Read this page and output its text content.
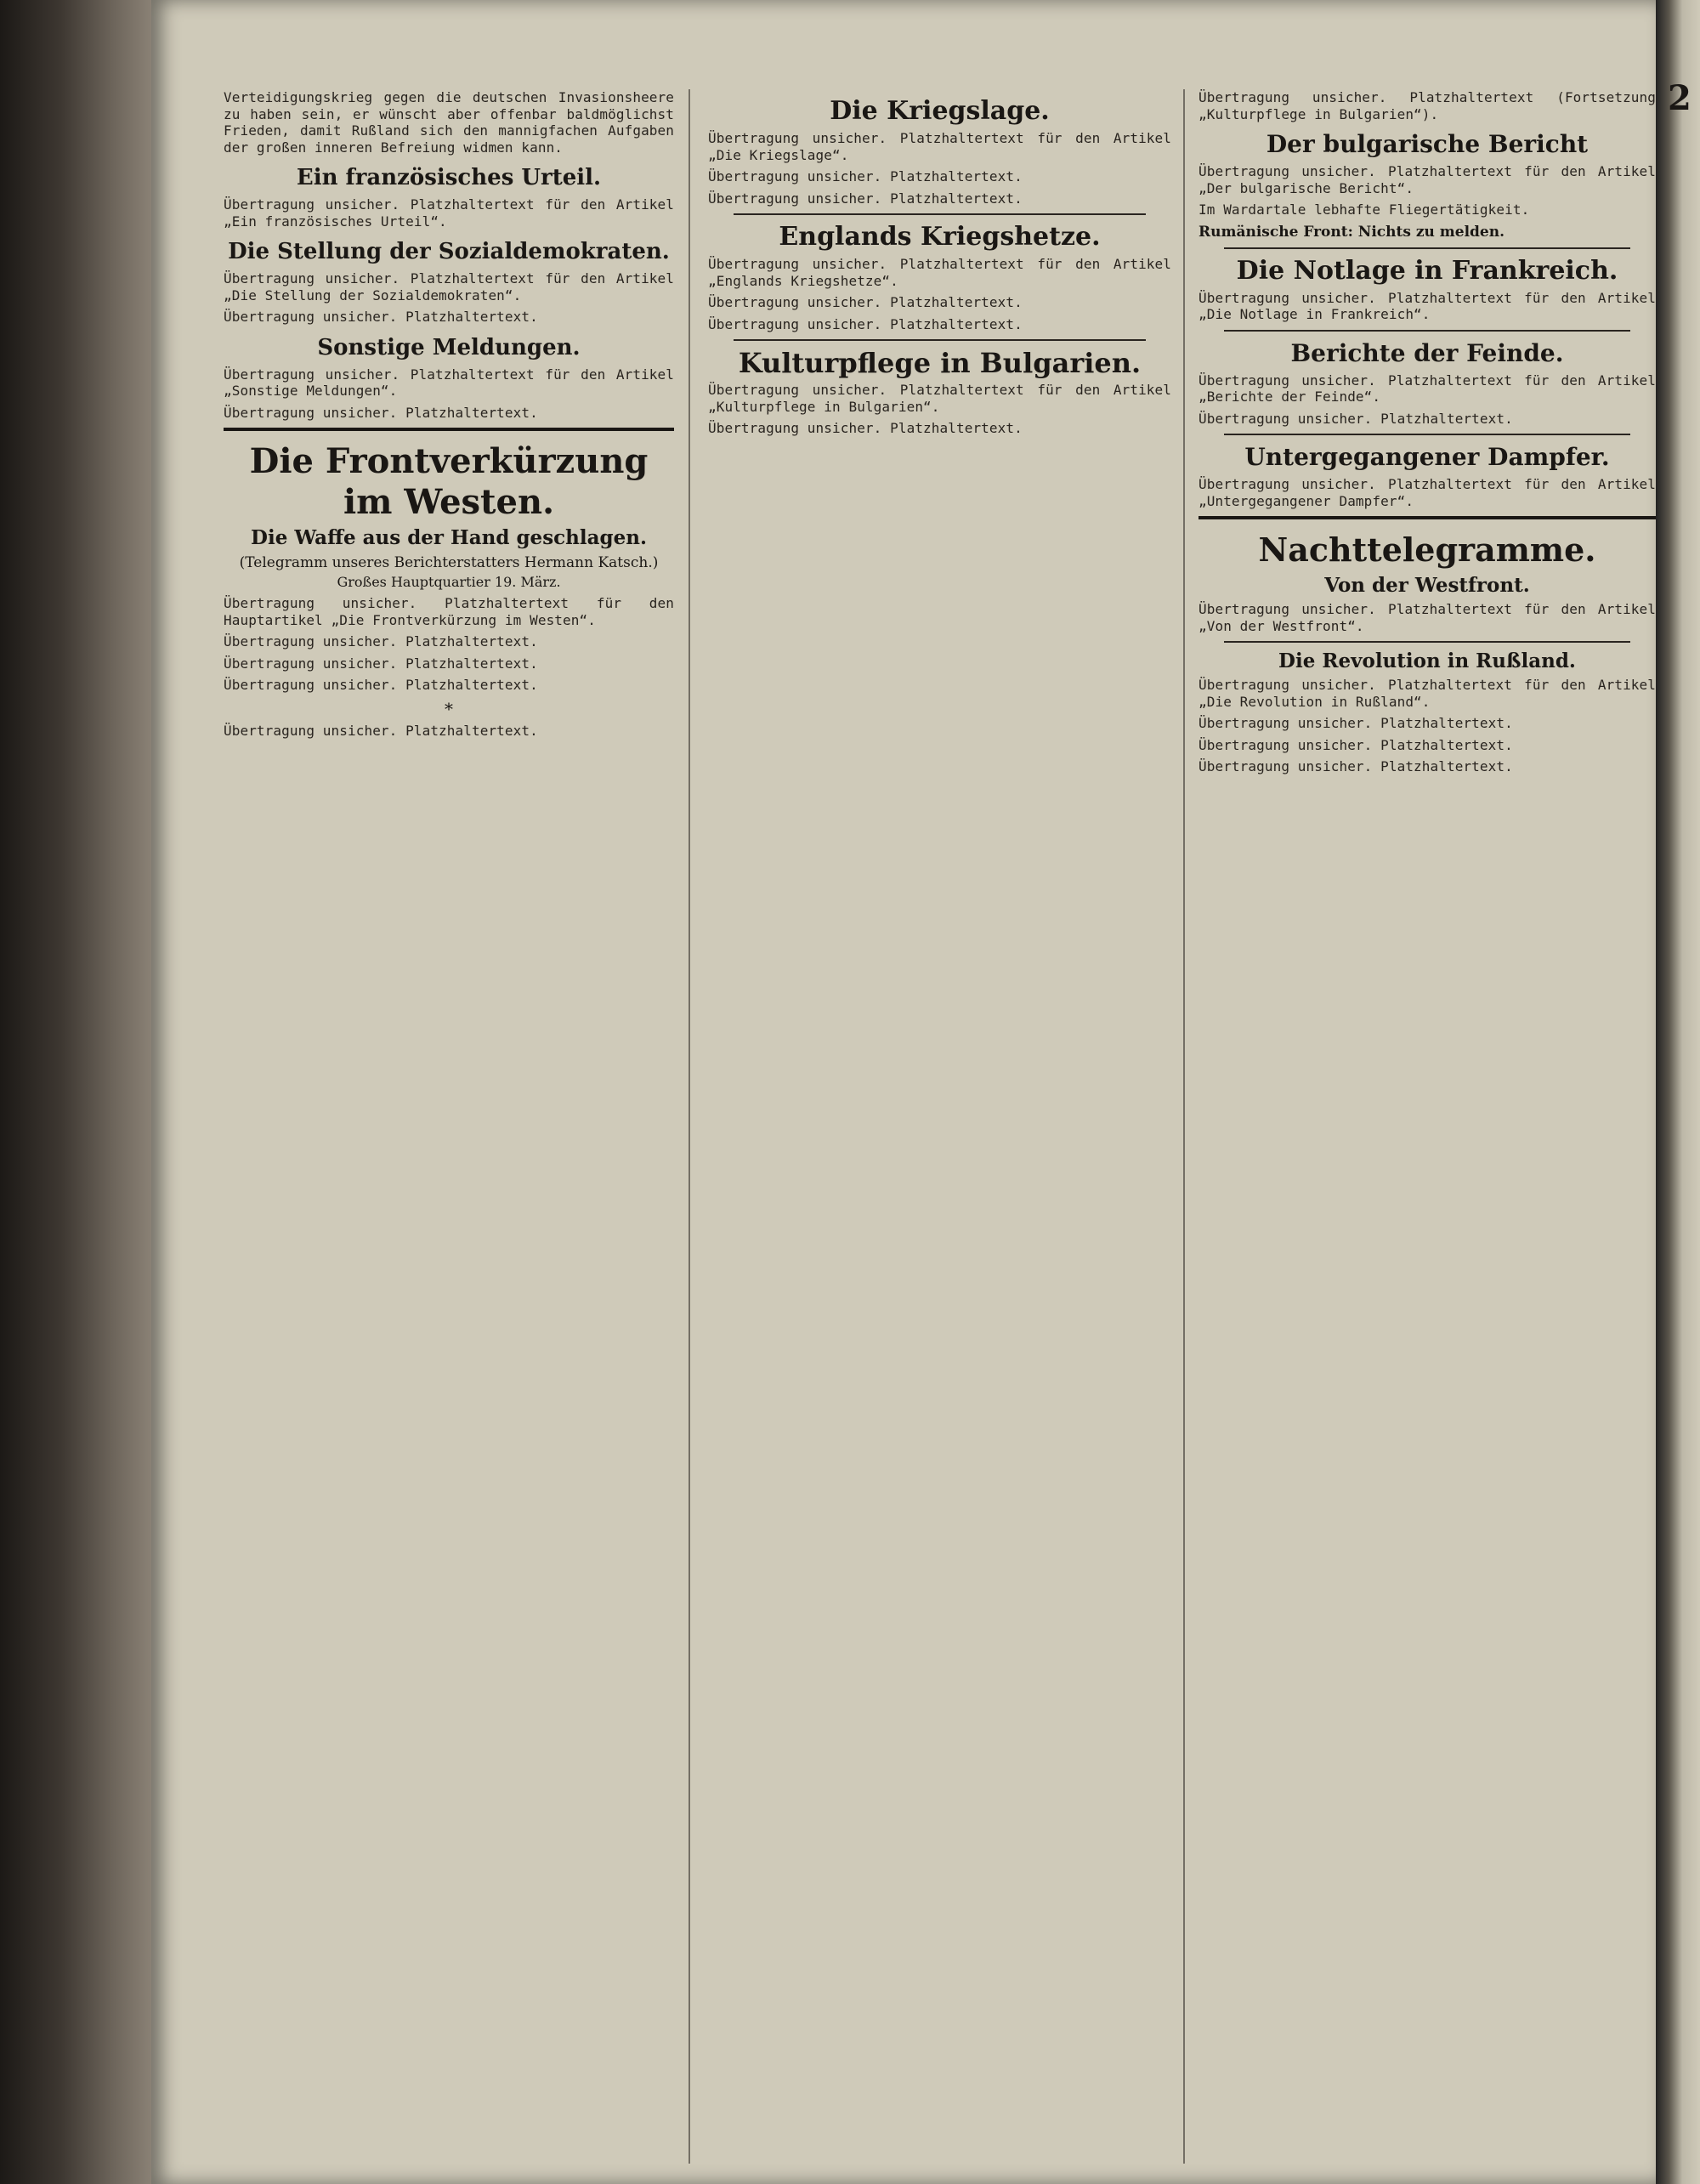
Verteidigungskrieg gegen die deutschen Invasionsheere zu haben sein, er wünscht aber offenbar baldmöglichst Frieden, damit Rußland sich den mannigfachen Aufgaben der großen inneren Befreiung widmen kann.

Ein französisches Urteil.

Übertragung unsicher. Platzhaltertext für den Artikel „Ein französisches Urteil“.

Die Stellung der Sozialdemokraten.

Übertragung unsicher. Platzhaltertext für den Artikel „Die Stellung der Sozialdemokraten“.

Übertragung unsicher. Platzhaltertext.

Sonstige Meldungen.

Übertragung unsicher. Platzhaltertext für den Artikel „Sonstige Meldungen“.

Übertragung unsicher. Platzhaltertext.

Die Frontverkürzung im Westen.
Die Waffe aus der Hand geschlagen.
(Telegramm unseres Berichterstatters Hermann Katsch.)
Großes Hauptquartier 19. März.

Übertragung unsicher. Platzhaltertext für den Hauptartikel „Die Frontverkürzung im Westen“.

Übertragung unsicher. Platzhaltertext.

Übertragung unsicher. Platzhaltertext.

Übertragung unsicher. Platzhaltertext.

*

Übertragung unsicher. Platzhaltertext.

Die Kriegslage.

Übertragung unsicher. Platzhaltertext für den Artikel „Die Kriegslage“.

Übertragung unsicher. Platzhaltertext.

Übertragung unsicher. Platzhaltertext.

Englands Kriegshetze.

Übertragung unsicher. Platzhaltertext für den Artikel „Englands Kriegshetze“.

Übertragung unsicher. Platzhaltertext.

Übertragung unsicher. Platzhaltertext.

Kulturpflege in Bulgarien.

Übertragung unsicher. Platzhaltertext für den Artikel „Kulturpflege in Bulgarien“.

Übertragung unsicher. Platzhaltertext.

Übertragung unsicher. Platzhaltertext (Fortsetzung „Kulturpflege in Bulgarien“).

Der bulgarische Bericht

Übertragung unsicher. Platzhaltertext für den Artikel „Der bulgarische Bericht“.

Im Wardartale lebhafte Fliegertätigkeit.

Rumänische Front: Nichts zu melden.
Die Notlage in Frankreich.

Übertragung unsicher. Platzhaltertext für den Artikel „Die Notlage in Frankreich“.

Berichte der Feinde.

Übertragung unsicher. Platzhaltertext für den Artikel „Berichte der Feinde“.

Übertragung unsicher. Platzhaltertext.

Untergegangener Dampfer.

Übertragung unsicher. Platzhaltertext für den Artikel „Untergegangener Dampfer“.

Nachttelegramme.
Von der Westfront.

Übertragung unsicher. Platzhaltertext für den Artikel „Von der Westfront“.

Die Revolution in Rußland.

Übertragung unsicher. Platzhaltertext für den Artikel „Die Revolution in Rußland“.

Übertragung unsicher. Platzhaltertext.

Übertragung unsicher. Platzhaltertext.

Übertragung unsicher. Platzhaltertext.

2
